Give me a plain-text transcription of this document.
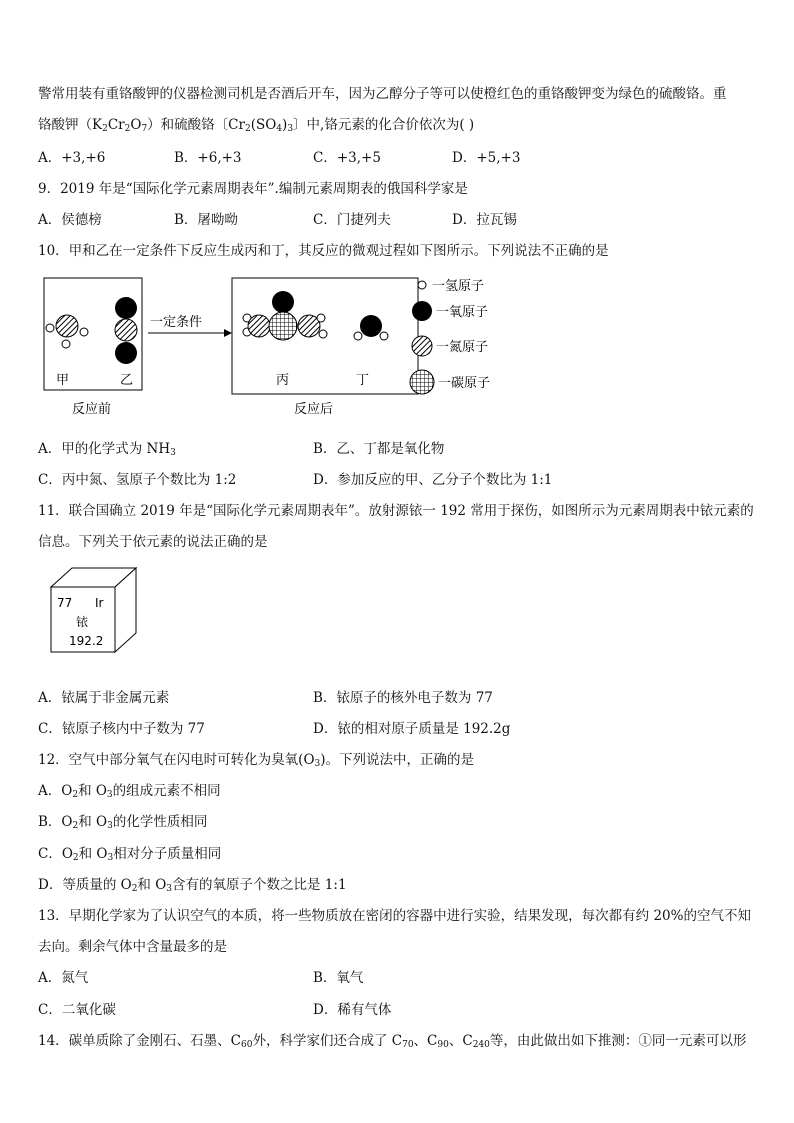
警常用装有重铬酸钾的仪器检测司机是否酒后开车，因为乙醇分子等可以使橙红色的重铬酸钾变为绿色的硫酸铬。重
铬酸钾$(K_2Cr_2O_7)$和硫酸铬〔$Cr_2(SO_4)_3$〕中,铬元素的化合价依次为( )
A．+3,+6	B．+6,+3	C．+3,+5	D．+5,+3
9．2019 年是“国际化学元素周期表年”.编制元素周期表的俄国科学家是
A．侯德榜	B．屠呦呦	C．门捷列夫	D．拉瓦锡
10．甲和乙在一定条件下反应生成丙和丁，其反应的微观过程如下图所示。下列说法不正确的是
甲	乙
反应前
一定条件
丙	丁
反应后
一氢原子
一氧原子
一氮原子
一碳原子
A．甲的化学式为 $NH_3$	B．乙、丁都是氧化物
C．丙中氮、氢原子个数比为 1:2	D．参加反应的甲、乙分子个数比为 1:1
11．联合国确立 2019 年是“国际化学元素周期表年”。放射源铱一 192 常用于探伤，如图所示为元素周期表中铱元素的
信息。下列关于依元素的说法正确的是
77 Ir
铱
192.2
A．铱属于非金属元素	B．铱原子的核外电子数为 77
C．铱原子核内中子数为 77	D．铱的相对原子质量是 192.2g
12．空气中部分氧气在闪电时可转化为臭氧$(O_3)$。下列说法中，正确的是
A．$O_2$和 $O_3$的组成元素不相同
B．$O_2$和 $O_3$的化学性质相同
C．$O_2$和 $O_3$相对分子质量相同
D．等质量的 $O_2$和 $O_3$含有的氧原子个数之比是 1:1
13．早期化学家为了认识空气的本质，将一些物质放在密闭的容器中进行实验，结果发现，每次都有约 20%的空气不知
去向。剩余气体中含量最多的是
A．氮气	B．氧气
C．二氧化碳	D．稀有气体
14．碳单质除了金刚石、石墨、$C_{60}$外，科学家们还合成了 $C_{70}$、$C_{90}$、$C_{240}$等，由此做出如下推测：①同一元素可以形
